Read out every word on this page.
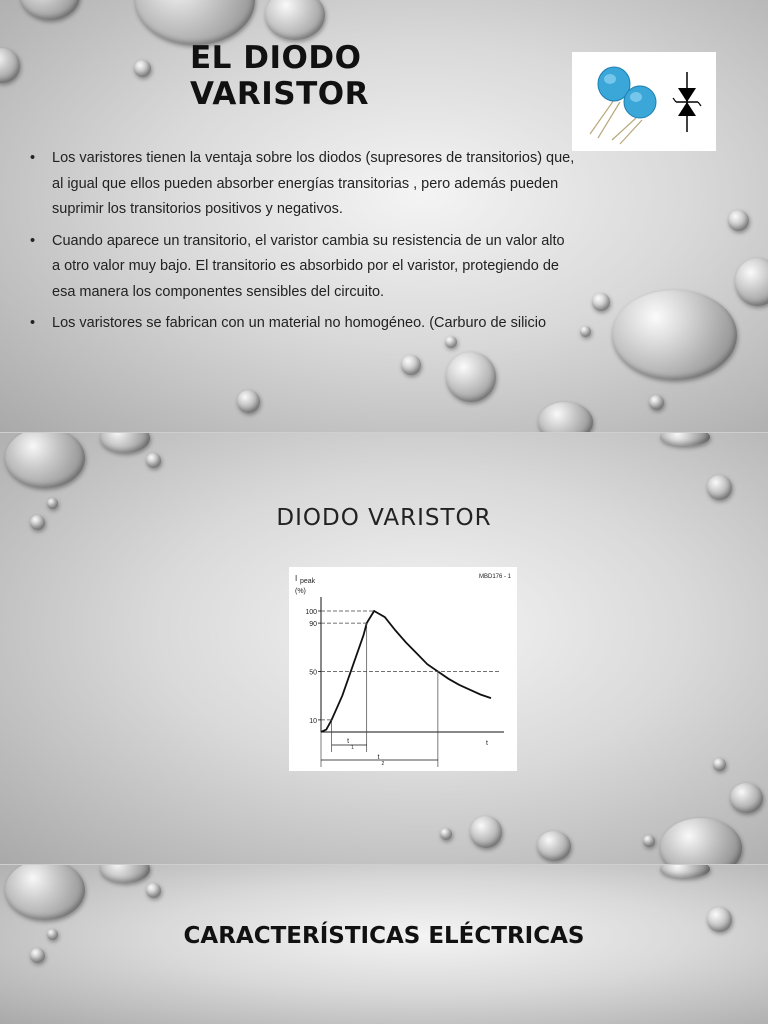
EL DIODO VARISTOR
• Los varistores tienen la ventaja sobre los diodos (supresores de transitorios) que, al igual que ellos pueden absorber energías transitorias , pero además pueden suprimir los transitorios positivos y negativos.
• Cuando aparece un transitorio, el varistor cambia su resistencia de un valor alto a otro valor muy bajo. El transitorio es absorbido por el varistor, protegiendo de esa manera los componentes sensibles del circuito.
• Los varistores se fabrican con un material no homogéneo. (Carburo de silicio
DIODO VARISTOR
100
90
50
10
I peak
(%)
MBD176 - 1
t
t
1
t
2
CARACTERÍSTICAS ELÉCTRICAS
